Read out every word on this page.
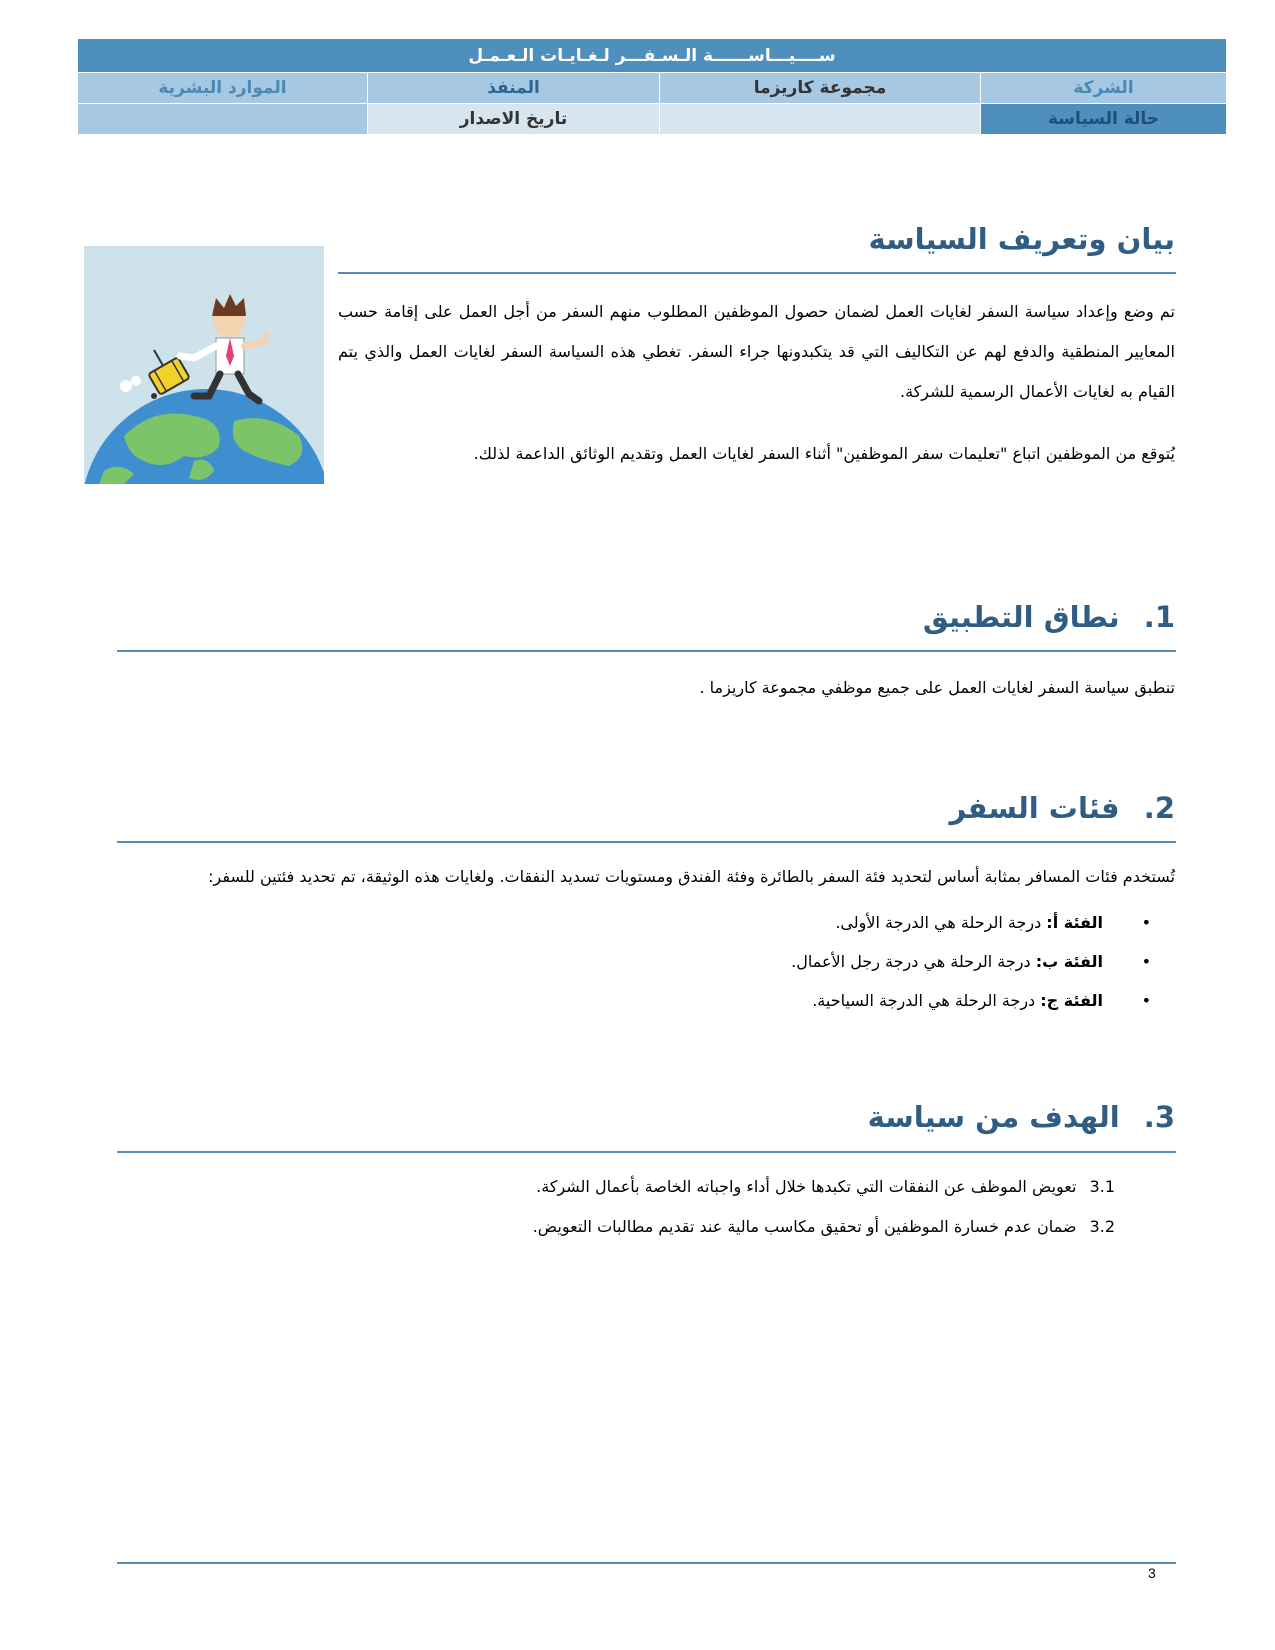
ســــيـــاســــــة الـسـفـــر لـغـايـات الـعـمـل			
الموارد البشرية	المنفذ	مجموعة كاريزما	الشركة
	تاريخ الاصدار		حالة السياسة
بيان وتعريف السياسة

تم وضع وإعداد سياسة السفر لغايات العمل لضمان حصول الموظفين المطلوب منهم السفر من أجل العمل على إقامة حسب المعايير المنطقية والدفع لهم عن التكاليف التي قد يتكبدونها جراء السفر. تغطي هذه السياسة السفر لغايات العمل والذي يتم القيام به لغايات الأعمال الرسمية للشركة.

يُتوقع من الموظفين اتباع "تعليمات سفر الموظفين" أثناء السفر لغايات العمل وتقديم الوثائق الداعمة لذلك.

1. نطاق التطبيق

تنطبق سياسة السفر لغايات العمل على جميع موظفي مجموعة كاريزما .

2. فئات السفر

تُستخدم فئات المسافر بمثابة أساس لتحديد فئة السفر بالطائرة وفئة الفندق ومستويات تسديد النفقات. ولغايات هذه الوثيقة، تم تحديد فئتين للسفر:

•
الفئة أ: درجة الرحلة هي الدرجة الأولى.
•
الفئة ب: درجة الرحلة هي درجة رجل الأعمال.
•
الفئة ج: درجة الرحلة هي الدرجة السياحية.
3. الهدف من سياسة

3.1 تعويض الموظف عن النفقات التي تكبدها خلال أداء واجباته الخاصة بأعمال الشركة.

3.2 ضمان عدم خسارة الموظفين أو تحقيق مكاسب مالية عند تقديم مطالبات التعويض.

3
